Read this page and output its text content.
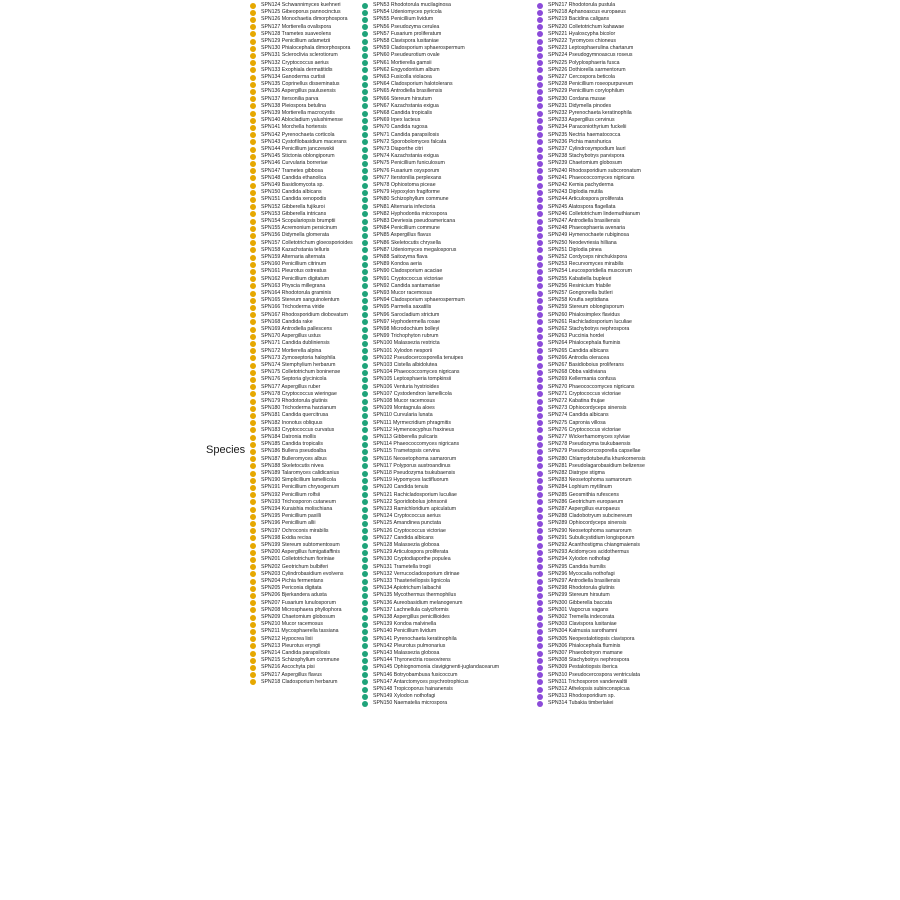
Species
SPN124 Schwannimyces kuehneri
SPN125 Gibeoporus pannocinctus
SPN126 Monochaetia dimorphospora
SPN127 Mortierella ovalispora
SPN128 Trametes suaveolens
SPN129 Penicillium adametzii
SPN130 Phialocephala dimorphospora
SPN131 Scleroclivia sclerotiorum
SPN132 Cryptococcus aerius
SPN133 Exophiala dermatitidis
SPN134 Ganoderma curtisii
SPN135 Coprinellus disseminatus
SPN136 Aspergillus paulusensis
SPN137 Itersonilia parva
SPN138 Pleiospora betulina
SPN139 Mortierella macrocystis
SPN140 Ablocladium yalushimense
SPN141 Morchella hortensis
SPN142 Pyrenochaeta corticola
SPN143 Cystofilobasidium macerans
SPN144 Penicillium janczewskii
SPN145 Stictonia oblongiporum
SPN146 Curvularia borreriae
SPN147 Trametes gibbosa
SPN148 Candida ethanolica
SPN149 Basidiomycota sp.
SPN150 Candida albicans
SPN151 Candida xenopodis
SPN152 Gibberella fujikuroi
SPN153 Gibberella intricans
SPN154 Scopulariopsis brumptii
SPN155 Acremonium persicinum
SPN156 Didymella glomerata
SPN157 Colletotrichum gloeosporioides
SPN158 Kazachstania telluris
SPN159 Alternaria alternata
SPN160 Penicillium citrinum
SPN161 Pleurotus ostreatus
SPN162 Penicillium digitatum
SPN163 Physcia millegrana
SPN164 Rhodotorula graminis
SPN165 Stereum sanguinolentum
SPN166 Trichoderma viride
SPN167 Rhodosporidium diobovatum
SPN168 Candida rake
SPN169 Antrodiella pallescens
SPN170 Aspergillus ustus
SPN171 Candida dubliniensis
SPN172 Mortierella alpina
SPN173 Zymoseptoria halophila
SPN174 Stemphylium herbarum
SPN175 Colletotrichum boninense
SPN176 Septoria glycinicola
SPN177 Aspergillus ruber
SPN178 Cryptococcus wieringae
SPN179 Rhodotorula glutinis
SPN180 Trichoderma harzianum
SPN181 Candida quercitrusa
SPN182 Inonotus obliquus
SPN183 Cryptococcus curvatus
SPN184 Datronia mollis
SPN185 Candida tropicalis
SPN186 Bullera pseudoalba
SPN187 Bulleromyces albus
SPN188 Skeletocutis nivea
SPN189 Talaromyces calidicanius
SPN190 Simplicillium lamellicola
SPN191 Penicillium chrysogenum
SPN192 Penicillium rolfsii
SPN193 Trichosporon cutaneum
SPN194 Kuraishia molischiana
SPN195 Penicillium paxilli
SPN196 Penicillium allii
SPN197 Ochroconis mirabilis
SPN198 Exidia recisa
SPN199 Stereum subtomentosum
SPN200 Aspergillus fumigatiaffinis
SPN201 Colletotrichum fioriniae
SPN202 Geotrichum bulbiferi
SPN203 Cylindrobasidium evolvens
SPN204 Pichia fermentans
SPN205 Periconia digitata
SPN206 Bjerkandera adusta
SPN207 Fusarium lunulosporum
SPN208 Microsphaera phyllophora
SPN209 Chaetomium globosum
SPN210 Mucor racemosus
SPN211 Mycosphaerella tassiana
SPN212 Hypocrea lixii
SPN213 Pleurotus eryngii
SPN214 Candida parapsilosis
SPN215 Schizophyllum commune
SPN216 Ascochyta pisi
SPN217 Aspergillus flavus
SPN218 Cladosporium herbarum
SPN53 Rhodotorula mucilaginosa
SPN54 Udeniomyces pyricola
SPN55 Penicillium lividum
SPN56 Pseudozyma cerulea
SPN57 Fusarium proliferatum
SPN58 Clavispora lusitaniae
SPN59 Cladosporium sphaerospermum
SPN60 Pseudeurotium ovale
SPN61 Mortierella gamsii
SPN62 Engyodontium album
SPN63 Fusicolla violacea
SPN64 Cladosporium halotolerans
SPN65 Antrodiella brasiliensis
SPN66 Stereum hirsutum
SPN67 Kazachstania exigua
SPN68 Candida tropicalis
SPN69 Irpex lacteus
SPN70 Candida rugosa
SPN71 Candida parapsilosis
SPN72 Sporobolomyces falcata
SPN73 Diaporthe citri
SPN74 Kazachstania exigua
SPN75 Penicillium funiculosum
SPN76 Fusarium oxysporum
SPN77 Iterstonilia perplexans
SPN78 Ophiostoma piceae
SPN79 Hypoxylon fragiforme
SPN80 Schizophyllum commune
SPN81 Alternaria infectoria
SPN82 Hyphodontia microspora
SPN83 Devriesia pseudoamericana
SPN84 Penicillium commune
SPN85 Aspergillus flavus
SPN86 Skeletocutis chrysella
SPN87 Udeniomyces megalosporus
SPN88 Saitozyma flava
SPN89 Kondoa aeria
SPN90 Cladosporium acaciae
SPN91 Cryptococcus victoriae
SPN92 Candida santamariae
SPN93 Mucor racemosus
SPN94 Cladosporium sphaerospermum
SPN95 Parmelia saxatilis
SPN96 Sarocladium strictum
SPN97 Hyphodermella rosae
SPN98 Microdochium bolleyi
SPN99 Trichophyton rubrum
SPN100 Malassezia restricta
SPN101 Xylodon nesporii
SPN102 Pseudocercosporella tenuipes
SPN103 Cistella albidolutea
SPN104 Phaeococcomyces nigricans
SPN105 Leptosphaeria tompkinsii
SPN106 Venturia hystrioides
SPN107 Cystodendron lamellicola
SPN108 Mucor racemosus
SPN109 Montagnula aloes
SPN110 Curvularia lunata
SPN111 Myrmecridium phragmitis
SPN112 Hymenoscyphus fraxineus
SPN113 Gibberella pulicaris
SPN114 Phaeococcomyces nigricans
SPN115 Trametopsis cervina
SPN116 Neosetophoma samarorum
SPN117 Polyporus austroandinus
SPN118 Pseudozyma tsukubaensis
SPN119 Hypomyces lactifluorum
SPN120 Candida tenuis
SPN121 Rachicladosporium luculiae
SPN122 Sporidiobolus johnsonii
SPN123 Ramichloridium apiculatum
SPN124 Cryptococcus aerius
SPN125 Amandinea punctata
SPN126 Cryptococcus victoriae
SPN127 Candida albicans
SPN128 Malassezia globosa
SPN129 Articulospora proliferata
SPN130 Cryptodiaporthe populea
SPN131 Trametella trogii
SPN132 Verrucocladosporium dirinae
SPN133 Thasteriellopsis lignicola
SPN134 Apiotrichum laibachii
SPN135 Mycothermus thermophilus
SPN136 Aureobasidium melanogenum
SPN137 Lachnellula calyciformis
SPN138 Aspergillus penicillioides
SPN139 Kondoa malvinella
SPN140 Penicillium lividum
SPN141 Pyrenochaeta keratinophila
SPN142 Pleurotus pulmonarius
SPN143 Malassezia globosa
SPN144 Thyronectria roseovirens
SPN145 Ophiognomonia clavigignenti-juglandacearum
SPN146 Botryobambusa fusicoccum
SPN147 Antarctomyces psychrotrophicus
SPN148 Tropicoporus hainanensis
SPN149 Xylodon nothofagi
SPN150 Naematelia microspora
SPN217 Rhodotorula pustula
SPN218 Aphanoascus europaeus
SPN219 Bacidina caligans
SPN220 Colletotrichum kahawae
SPN221 Hyaloscypha bicolor
SPN222 Tyromyces chioneus
SPN223 Leptosphaerulina chartarum
SPN224 Pseudogymnoascus roseus
SPN225 Polyplosphaeria fusca
SPN226 Dothiorella sarmentorum
SPN227 Cercospora beticola
SPN228 Penicillium roseopurpureum
SPN229 Penicillium corylophilum
SPN230 Cordana musae
SPN231 Didymella pinodes
SPN232 Pyrenochaeta keratinophila
SPN233 Aspergillus cervinus
SPN234 Paraconiothyrium fuckelii
SPN235 Nectria haematococca
SPN236 Pichia manshurica
SPN237 Cylindrosympodium lauri
SPN238 Stachybotrys parvispora
SPN239 Chaetomium globosum
SPN240 Rhodosporidium subcoronatum
SPN241 Phaeococcomyces nigricans
SPN242 Kemia pachyderma
SPN243 Diplodia mutila
SPN244 Articulospora proliferata
SPN245 Alatospora flagellata
SPN246 Colletotrichum lindemuthianum
SPN247 Antrodiella brasiliensis
SPN248 Phaeosphaeria avenaria
SPN249 Hymenochaete rubiginosa
SPN250 Neodevriesia hilliana
SPN251 Diplodia pinea
SPN252 Cordyceps ninchukispora
SPN253 Recurvomyces mirabilis
SPN254 Leucosporidiella muscorum
SPN255 Kabatiella bupleuri
SPN256 Resinicium friabile
SPN257 Gongronella butleri
SPN258 Knufia septidiana
SPN259 Stereum oblongisporum
SPN260 Phialosimplex flavidus
SPN261 Rachicladosporium luculiae
SPN262 Stachybotrys nephrospora
SPN263 Puccinia hordei
SPN264 Phialocephala fluminis
SPN265 Candida albicans
SPN266 Antrodia oleracea
SPN267 Basidioboius proliferans
SPN268 Obba valdiviana
SPN269 Kellermania confusa
SPN270 Phaeococcomyces nigricans
SPN271 Cryptococcus victoriae
SPN272 Kabatina thujae
SPN273 Ophiocordyceps sinensis
SPN274 Candida albicans
SPN275 Capronia villosa
SPN276 Cryptococcus victoriae
SPN277 Wickerhamomyces sylviae
SPN278 Pseudozyma tsukubaensis
SPN279 Pseudocercosporella capsellae
SPN280 Chlamydotubeufia khunkornensis
SPN281 Pseudolagarobasidium belizense
SPN282 Diatrype stigma
SPN283 Neosetophoma samarorum
SPN284 Lophium mytilinum
SPN285 Geosmithia rufescens
SPN286 Geotrichum europaeum
SPN287 Aspergillus europaeus
SPN288 Cladobotryum subcinereum
SPN289 Ophiocordyceps sinensis
SPN290 Neosetophoma samarorum
SPN291 Subulicystidium longisporum
SPN292 Acanthostigma chiangmaiensis
SPN293 Acidomyces acidothermus
SPN294 Xylodon nothofagi
SPN295 Candida humilis
SPN296 Mycocalia nothofagi
SPN297 Antrodiella brasiliensis
SPN298 Rhodotorula glutinis
SPN299 Stereum hirsutum
SPN300 Gibberella baccata
SPN301 Vagocrus vagans
SPN302 Tremella indecorata
SPN303 Clavispora lusitaniae
SPN304 Kalmusia sarothamni
SPN305 Neopestalotiopsis clavispora
SPN306 Phialocephala fluminis
SPN307 Phaeobotryon mamane
SPN308 Stachybotrys nephrospora
SPN309 Pestalotiopsis iberica
SPN310 Pseudocercospora ventriculata
SPN311 Trichosporon vanderwaltii
SPN312 Athelopsis subinconspicua
SPN313 Rhodosporidium sp.
SPN314 Tubakia timberlakei
